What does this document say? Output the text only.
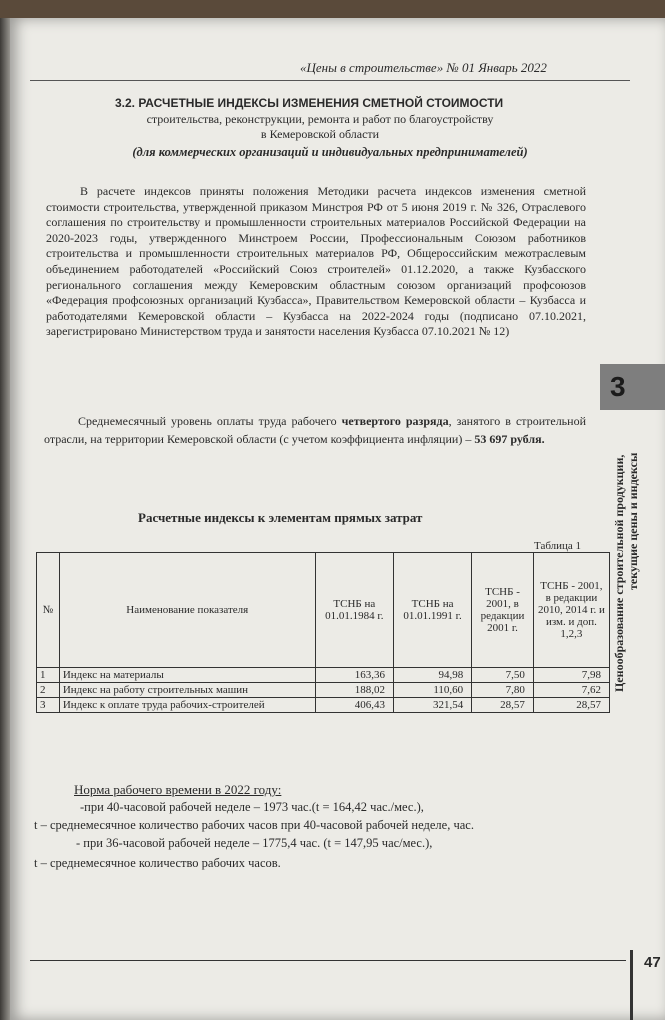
«Цены в строительстве» № 01 Январь 2022
3.2. РАСЧЕТНЫЕ ИНДЕКСЫ ИЗМЕНЕНИЯ СМЕТНОЙ СТОИМОСТИ
строительства, реконструкции, ремонта и работ по благоустройству
в Кемеровской области
(для коммерческих организаций и индивидуальных предпринимателей)
В расчете индексов приняты положения Методики расчета индексов изменения сметной стоимости строительства, утвержденной приказом Минстроя РФ от 5 июня 2019 г. № 326, Отраслевого соглашения по строительству и промышленности строительных материалов Российской Федерации на 2020-2023 годы, утвержденного Минстроем России, Профессиональным Союзом работников строительства и промышленности строительных материалов РФ, Общероссийским межотраслевым объединением работодателей «Российский Союз строителей» 01.12.2020, а также Кузбасского регионального соглашения между Кемеровским областным союзом организаций профсоюзов «Федерация профсоюзных организаций Кузбасса», Правительством Кемеровской области – Кузбасса и работодателями Кемеровской области – Кузбасса на 2022-2024 годы (подписано 07.10.2021, зарегистрировано Министерством труда и занятости населения Кузбасса 07.10.2021 № 12)
Среднемесячный уровень оплаты труда рабочего четвертого разряда, занятого в строительной отрасли, на территории Кемеровской области (с учетом коэффициента инфляции) – 53 697 рубля.
Расчетные индексы к элементам прямых затрат
Таблица 1
№	Наименование показателя	ТСНБ на 01.01.1984 г.	ТСНБ на 01.01.1991 г.	ТСНБ - 2001, в редакции 2001 г.	ТСНБ - 2001, в редакции 2010, 2014 г. и изм. и доп. 1,2,3
1	Индекс на материалы	163,36	94,98	7,50	7,98
2	Индекс на работу строительных машин	188,02	110,60	7,80	7,62
3	Индекс к оплате труда рабочих-строителей	406,43	321,54	28,57	28,57
Норма рабочего времени в 2022 году:
-при 40-часовой рабочей неделе – 1973 час.(t = 164,42 час./мес.),
t – среднемесячное количество рабочих часов при 40-часовой рабочей неделе, час.
- при 36-часовой рабочей неделе – 1775,4 час. (t = 147,95 час/мес.),
t – среднемесячное количество рабочих часов.
3
Ценообразование строительной продукции, текущие цены и индексы
47
